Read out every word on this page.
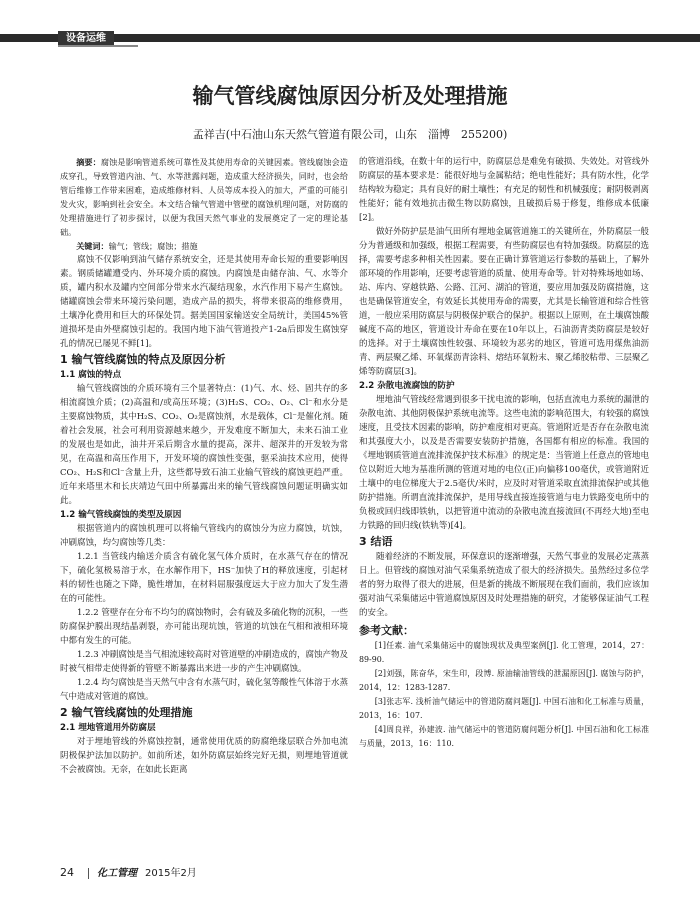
设备运维
输气管线腐蚀原因分析及处理措施
孟祥吉(中石油山东天然气管道有限公司，山东　淄博　255200)

摘要：腐蚀是影响管道系统可靠性及其使用寿命的关键因素。管线腐蚀会造成穿孔，导致管道内油、气、水等泄露问题，造成重大经济损失，同时，也会给管后维修工作带来困难，造成维修材料、人员等成本投入的加大，严重的可能引发火灾，影响到社会安全。本文结合输气管道中管壁的腐蚀机理问题，对防腐的处理措施进行了初步探讨，以便为我国天然气事业的发展奠定了一定的理论基础。

关键词：输气；管线；腐蚀；措施

腐蚀不仅影响到油气储存系统安全，还是其使用寿命长短的重要影响因素。钢质储罐遭受内、外环境介质的腐蚀。内腐蚀是由储存油、气、水等介质，罐内积水及罐内空间部分带来水汽凝结现象，水汽作用下易产生腐蚀。储罐腐蚀会带来环境污染问题，造成产品的损失，将带来很高的维修费用，土壤净化费用和巨大的环保处罚。据美国国家输送安全局统计，美国45%管道损坏是由外壁腐蚀引起的。我国内地下油气管道投产1-2a后即发生腐蚀穿孔的情况已屡见不鲜[1]。

1 输气管线腐蚀的特点及原因分析
1.1 腐蚀的特点

输气管线腐蚀的介质环境有三个显著特点：(1)气、水、烃、固共存的多相流腐蚀介质；(2)高温和/或高压环境；(3)H₂S、CO₂、O₂、Cl⁻和水分是主要腐蚀物质，其中H₂S、CO₂、O₂是腐蚀剂，水是载体，Cl⁻是催化剂。随着社会发展，社会可利用资源越来越少，开发难度不断加大，未来石油工业的发展也是如此，油井开采后期含水量的提高，深井、超深井的开发较为常见，在高温和高压作用下，开发环境的腐蚀性变强，驱采油技术应用，使得CO₂、H₂S和Cl⁻含量上升，这些都导致石油工业输气管线的腐蚀更趋严重。近年来塔里木和长庆靖边气田中所暴露出来的输气管线腐蚀问题证明确实如此。

1.2 输气管线腐蚀的类型及原因

根据管道内的腐蚀机理可以将输气管线内的腐蚀分为应力腐蚀，坑蚀，冲刷腐蚀，均匀腐蚀等几类：

1.2.1 当管线内输送介质含有硫化氢气体介质时，在水蒸气存在的情况下，硫化氢极易溶于水，在水解作用下，HS⁻加快了H的释放速度，引起材料的韧性也随之下降，脆性增加，在材料屈服强度远大于应力加大了发生潜在的可能性。

1.2.2 管壁存在分布不均匀的腐蚀物时，会有硫及多硫化物的沉积，一些防腐保护膜出现结晶剥裂，亦可能出现坑蚀，管道的坑蚀在气相和液相环境中都有发生的可能。

1.2.3 冲刷腐蚀是当气相流速较高时对管道壁的冲刷造成的，腐蚀产物及时被气相带走使得新的管壁不断暴露出来进一步的产生冲刷腐蚀。

1.2.4 均匀腐蚀是当天然气中含有水蒸气时，硫化氢等酸性气体溶于水蒸气中造成对管道的腐蚀。

2 输气管线腐蚀的处理措施
2.1 埋地管道用外防腐层

对于埋地管线的外腐蚀控制，通常使用优质的防腐绝缘层联合外加电流阴极保护法加以防护。如前所述，如外防腐层始终完好无损，则埋地管道就不会被腐蚀。无奈，在如此长距离

的管道沿线，在数十年的运行中，防腐层总是难免有破损、失效处。对管线外防腐层的基本要求是：能很好地与金属粘结；绝电性能好；具有防水性，化学结构较为稳定；具有良好的耐土壤性；有充足的韧性和机械强度；耐阴极剥离性能好；能有效地抗击微生物以防腐蚀，且破损后易于修复，维修成本低廉[2]。

做好外防护层是油气田所有埋地金属管道施工的关键所在，外防腐层一般分为普通级和加强级，根据工程需要，有些防腐层也有特加强级。防腐层的选择，需要考虑多种相关性因素。要在正确计算管道运行参数的基础上，了解外部环境的作用影响，还要考虑管道的质量、使用寿命等。针对特殊场地如场、站、库内、穿越铁路、公路、江河、湖泊的管道，要应用加强及防腐措施，这也是确保管道安全，有效延长其使用寿命的需要，尤其是长输管道和综合性管道，一般应采用防腐层与阴极保护联合的保护。根据以上原则，在土壤腐蚀酸碱度不高的地区，管道设计寿命在要在10年以上，石油沥青类防腐层是较好的选择。对于土壤腐蚀性较强、环境较为恶劣的地区，管道可选用煤焦油沥青、两层聚乙烯、环氧煤沥青涂料、熔结环氧粉末、聚乙烯胶粘带、三层聚乙烯等防腐层[3]。

2.2 杂散电流腐蚀的防护

埋地油气管线经常遇到很多干扰电流的影响，包括直流电力系统的漏泄的杂散电流、其他阴极保护系统电流等。这些电流的影响范围大，有较强的腐蚀速度，且受技术因素的影响，防护难度相对更高。管道附近是否存在杂散电流和其强度大小，以及是否需要安装防护措施，各国都有相应的标准。我国的《埋地钢质管道直流排流保护技术标准》的规定是：当管道上任意点的管地电位以附近大地为基准所测的管道对地的电位(正)向偏移100毫伏，或管道附近土壤中的电位梯度大于2.5毫伏/米时，应及时对管道采取直流排流保护或其他防护措施。所谓直流排流保护，是用导线直接连接管道与电力铁路变电所中的负极或回归线即铁轨，以把管道中流动的杂散电流直接流回(不再经大地)至电力铁路的回归线(铁轨等)[4]。

3 结语

随着经济的不断发展，环保意识的逐渐增强，天然气事业的发展必定蒸蒸日上。但管线的腐蚀对油气采集系统造成了很大的经济损失。虽然经过多位学者的努力取得了很大的进展，但是新的挑战不断展现在我们面前，我们应该加强对油气采集储运中管道腐蚀原因及时处理措施的研究，才能够保证油气工程的安全。

参考文献：

[1]任素. 油气采集储运中的腐蚀现状及典型案例[J]. 化工管理，2014，27：89-90.

[2]刘强，陈奋华，宋生印，段博. 原油输油管线的泄漏原因[J]. 腐蚀与防护，2014，12：1283-1287.

[3]张志军. 浅析油气储运中的管道防腐问题[J]. 中国石油和化工标准与质量，2013，16：107.

[4]周良祥，孙建波. 油气储运中的管道防腐问题分析[J]. 中国石油和化工标准与质量，2013，16：110.

24 化工管理 2015年2月
